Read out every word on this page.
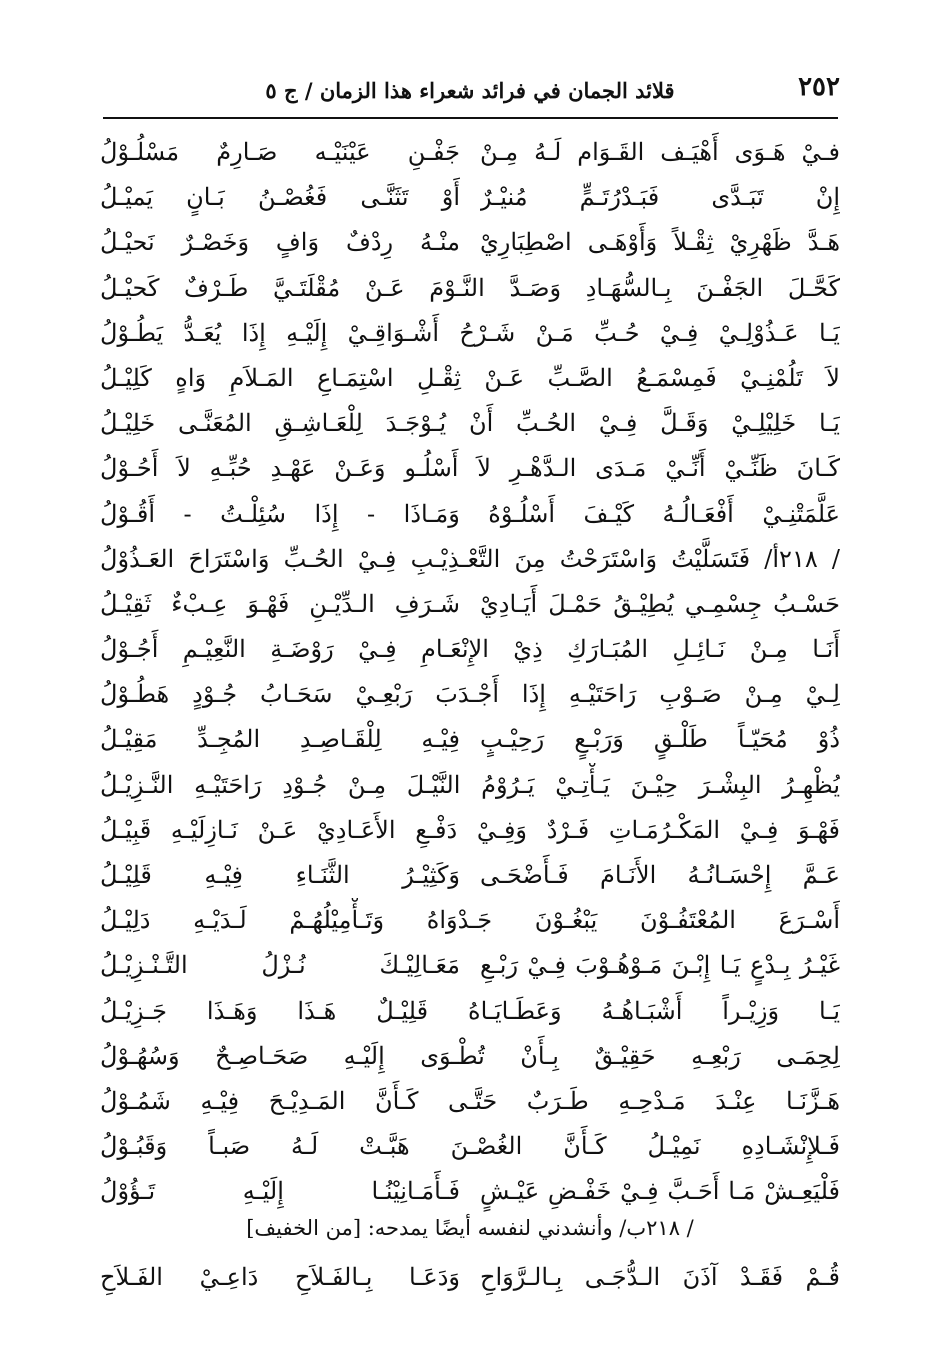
٢٥٢
قلائد الجمان في فرائد شعراء هذا الزمان / ج ٥
فـيْ هَـوَى أَهْيَـف القَـوَام لَـهُ مِـنْ
جَفْـنِ عَيْنَيْـه صَـارِمٌ مَسْلُـوْلُ
إِنْ تَبَـدَّى فَبَـدْرُتَـمٍّ مُنيْـرٌ
أَوْ تَثَنَّـى فَغُصْـنُ بَـانٍ يَميْـلُ
هَـدَّ ظَهْرِيْ ثِقْـلاً وَأَوْهَـى اصْطِبَارِيْ
منْـهُ رِدْفٌ وَافٍ وَخَصْـرٌ نَحيْـلُ
كَحَّـلَ الجَفْـنَ بِـالسُّهَـادِ وَصَـدَّ النَّـوْمَ عَـنْ مُقْلَتَـيَّ طَـرْفٌ كَحيْـلُ
يَـا عَـذُوْلِـيْ فِـيْ حُـبِّ مَـنْ شَـرْحُ أَشْـوَاقِـيْ إِلَيْـهِ إِذَا يُعَـدُّ يَطُـوْلُ
لاَ تَلُمْنِـيْ فَمِسْمَـعُ الصَّـبِّ عَـنْ ثِقْـلِ اسْتِمَـاعِ المَـلاَمِ وَاهٍ كَلِيْـلُ
يَـا خَلِيْلِـيْ وَقَـلَّ فِـيْ الحُـبِّ أَنْ يُـوْجَـدَ لِلْعَـاشِـقِ المُعَنَّـى خَلِيْـلُ
كَـانَ ظَنِّـيْ أَنِّـيْ مَـدَى الـدَّهْـرِ لاَ أَسْلُـو وَعَـنْ عَهْـدِ حُبِّـهِ لاَ أَحُـوْلُ
عَلَّمَتْنِـيْ أَفْعَـالُـهُ كَيْـفَ أَسْلُـوْهُ وَمَـاذَا - إِذَا سُئِلْـتُ - أَقُـوْلُ
/ ٢١٨أ/ فَتَسَلَّيْتُ وَاسْتَرَحْتُ مِنَ التَّعْـذِيْـبِ فِـيْ الحُـبِّ وَاسْتَرَاحَ العَـذُوْلُ
حَسْـبُ جِسْمِـي يُطِيْـقُ حَمْـلَ أَيَـادِيْ
شَـرَفِ الـدِّيْـنِ فَهْـوَ عِـبْءٌ ثَقِيْـلُ
أَنَـا مِـنْ نَـائِـلِ المُبَـارَكِ ذِيْ الإِنْعَـامِ فِـيْ رَوْضَـةِ النَّعِيْـمِ أَجُـوْلُ
لِـيْ مِـنْ صَـوْبِ رَاحَتَيْـهِ إِذَا أَجْـدَبَ رَبْعِـيْ سَحَـابُ جُـوْدٍ هَطُـوْلُ
ذُوْ مُحَيّـاً طَلْـقٍ وَرَبْـعٍ رَحِيْـبٍ
فِيْـهِ لِلْقَـاصِـدِ المُجِـدِّ مَقِيْـلُ
يُظْهِـرُ البِشْـرَ حِيْـنَ يَـأْتِـيْ يَـرُوْمُ النَّيْـلَ مِـنْ جُـوْدِ رَاحَتَيْـهِ النَّـزِيْـلُ
فَهْـوَ فِـيْ المَكْـرُمَـاتِ فَـرْدٌ وَفِـيْ دَفْـعِ الأَعَـادِيْ عَـنْ نَـازِلَيْـهِ قَبِيْـلُ
عَـمَّ إِحْسَـانُـهُ الأَنَـامَ فَـأَضْحَـى
وَكَثِيْـرُ الثَّنَـاءِ فِيْـهِ قَلِيْـلُ
أَسْـرَعَ المُعْتَفُـوْنَ يَبْغُـوْنَ جَـدْوَاهُ وَتَـأْمِيْلُهُـمْ لَـدَيْـهِ دَلِيْـلُ
غَيْـرُ بِـدْعٍ يَـا إِبْـنَ مَـوْهُـوْبَ فِـيْ رَبْـعِ
مَعَـالِيْـكَ نُـزْلُ التَّـنْـزِيْـلُ
يَـا وَزِيْـراً أَشْبَـاهُـهُ وَعَطَـايَـاهُ قَلِيْـلٌ هَـذَا وَهَـذَا جَـزِيْـلُ
لِحِمَـى رَبْعِـهِ حَقِيْـقٌ بِـأَنْ تُطْـوَى إِلَيْـهِ صَحَـاصِـحٌ وَسُهُـوْلُ
هَـزَّنَـا عِنْـدَ مَـدْحِـهِ طَـرَبٌ حَتَّـى كَـأَنَّ المَـدِيْـحَ فِيْـهِ شَمُـوْلُ
فَـلإِنْشَـادِهِ نَمِيْـلُ كَـأَنَّ الغُصْـنَ هَبَّـتْ لَـهُ صَبـاً وَقَبُـوْلُ
فَلْيَعِـشْ مَـا أَحَـبَّ فِـيْ خَفْـضِ عَيْـشٍ
فَـأَمَـانِيْنُـا إِلَيْـهِ تَـؤُوْلُ
/ ٢١٨ب/ وأنشدني لنفسه أيضًا يمدحه: [من الخفيف]
قُـمْ فَقَـدْ آذَنَ الـدُّجَـى بِـالـرَّوَاحِ
وَدَعَـا بِـالفَـلاَحِ دَاعِـيْ الفَـلاَحِ
